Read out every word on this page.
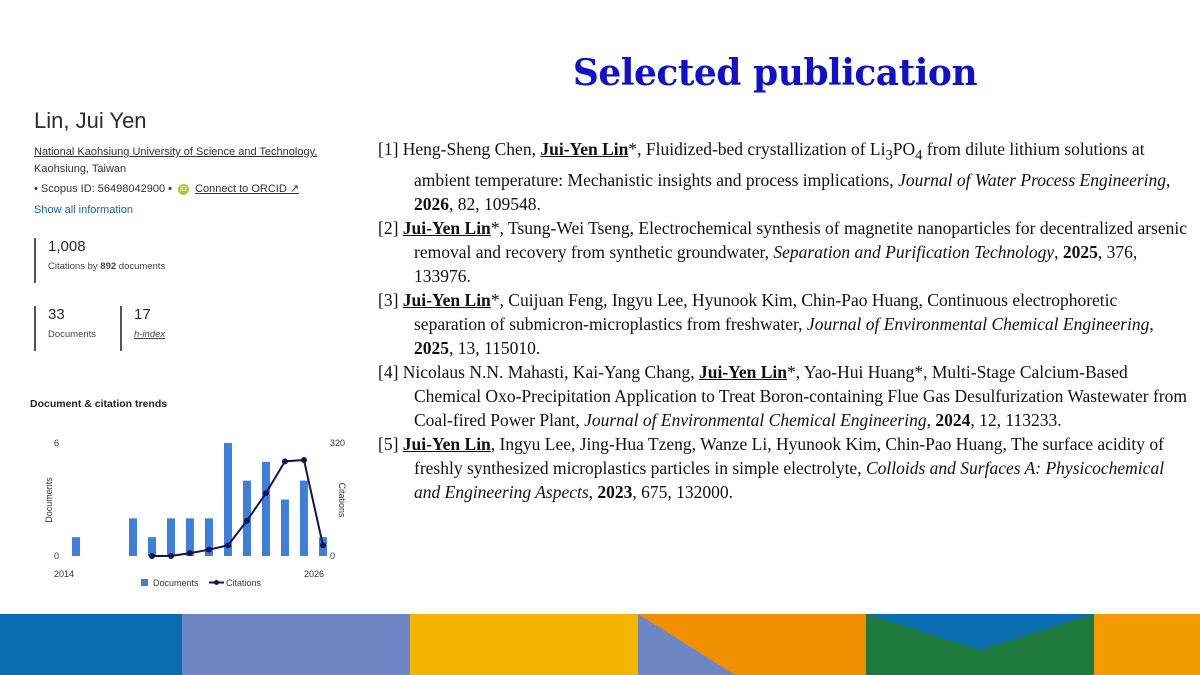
Selected publication
Lin, Jui Yen
National Kaohsiung University of Science and Technology,
Kaohsiung, Taiwan
• Scopus ID: 56498042900 • iD Connect to ORCID ↗
Show all information
1,008
Citations by 892 documents
33
Documents
17
h-index
Document & citation trends
6
0
320
0
2014	2026
Documents	Citations
Documents	Citations
[1] Heng-Sheng Chen, Jui-Yen Lin*, Fluidized-bed crystallization of $Li_3PO_4$ from dilute lithium solutions at ambient temperature: Mechanistic insights and process implications, Journal of Water Process Engineering, 2026, 82, 109548.
[2] Jui-Yen Lin*, Tsung-Wei Tseng, Electrochemical synthesis of magnetite nanoparticles for decentralized arsenic removal and recovery from synthetic groundwater, Separation and Purification Technology, 2025, 376, 133976.
[3] Jui-Yen Lin*, Cuijuan Feng, Ingyu Lee, Hyunook Kim, Chin-Pao Huang, Continuous electrophoretic separation of submicron-microplastics from freshwater, Journal of Environmental Chemical Engineering, 2025, 13, 115010.
[4] Nicolaus N.N. Mahasti, Kai-Yang Chang, Jui-Yen Lin*, Yao-Hui Huang*, Multi-Stage Calcium-Based Chemical Oxo-Precipitation Application to Treat Boron-containing Flue Gas Desulfurization Wastewater from Coal-fired Power Plant, Journal of Environmental Chemical Engineering, 2024, 12, 113233.
[5] Jui-Yen Lin, Ingyu Lee, Jing-Hua Tzeng, Wanze Li, Hyunook Kim, Chin-Pao Huang, The surface acidity of freshly synthesized microplastics particles in simple electrolyte, Colloids and Surfaces A: Physicochemical and Engineering Aspects, 2023, 675, 132000.
